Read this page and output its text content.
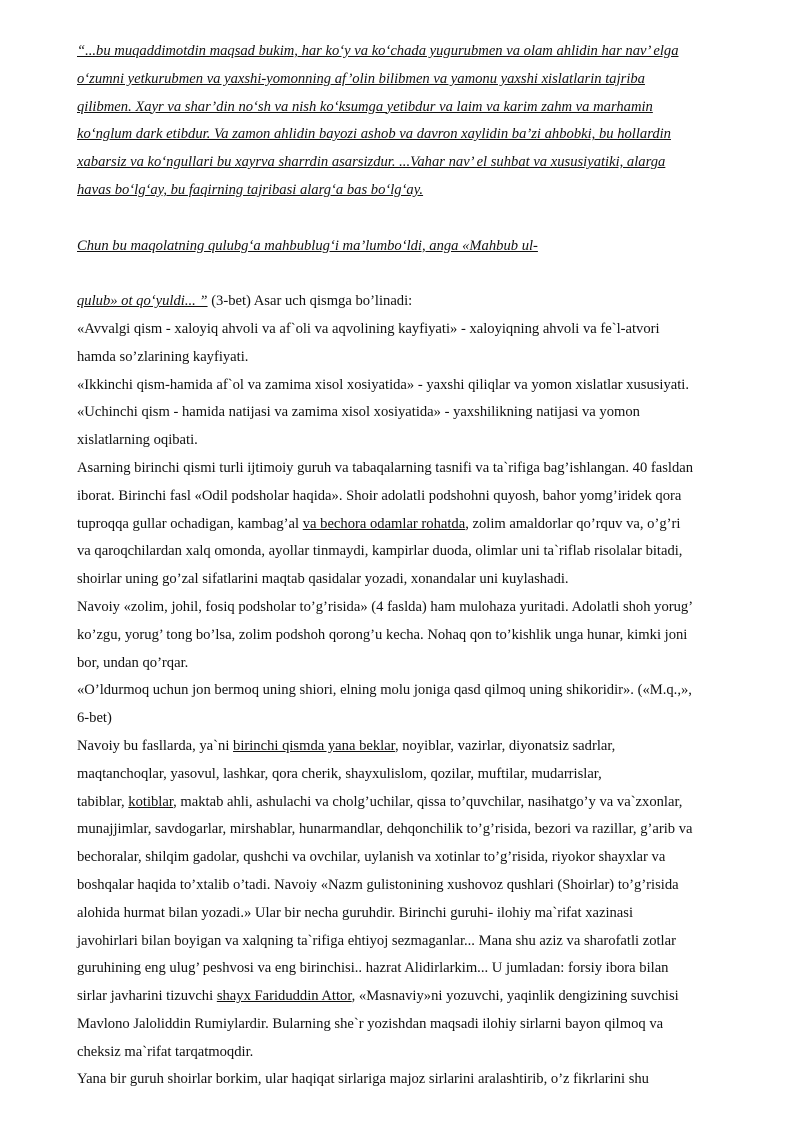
“...bu muqaddimotdin maqsad bukim, har ko‘y va ko‘chada yugurubmen va olam ahlidin har nav’ elga

o‘zumni yetkurubmen va yaxshi-yomonning af’olin bilibmen va yamonu yaxshi xislatlarin tajriba

qilibmen. Xayr va shar’din no‘sh va nish ko‘ksumga yetibdur va laim va karim zahm va marhamin

ko‘nglum dark etibdur. Va zamon ahlidin bayozi ashob va davron xaylidin ba’zi ahbobki, bu hollardin

xabarsiz va ko‘ngullari bu xayrva sharrdin asarsizdur. ...Vahar nav’ el suhbat va xususiyatiki, alarga

havas bo‘lg‘ay, bu faqirning tajribasi alarg‘a bas bo‘lg‘ay.

Chun bu maqolatning qulubg‘a mahbublug‘i ma’lumbo‘ldi, anga «Mahbub ul-

qulub» ot qo‘yuldi... ” (3-bet) Asar uch qismga bo’linadi:

«Avvalgi qism - xaloyiq ahvoli va af`oli va aqvolining kayfiyati» - xaloyiqning ahvoli va fe`l-atvori

hamda so’zlarining kayfiyati.

«Ikkinchi qism-hamida af`ol va zamima xisol xosiyatida» - yaxshi qiliqlar va yomon xislatlar xususiyati.

«Uchinchi qism - hamida natijasi va zamima xisol xosiyatida» - yaxshilikning natijasi va yomon

xislatlarning oqibati.

Asarning birinchi qismi turli ijtimoiy guruh va tabaqalarning tasnifi va ta`rifiga bag’ishlangan. 40 fasldan

iborat. Birinchi fasl «Odil podsholar haqida». Shoir adolatli podshohni quyosh, bahor yomg’iridek qora

tuproqqa gullar ochadigan, kambag’al va bechora odamlar rohatda, zolim amaldorlar qo’rquv va, o’g’ri

va qaroqchilardan xalq omonda, ayollar tinmaydi, kampirlar duoda, olimlar uni ta`riflab risolalar bitadi,

shoirlar uning go’zal sifatlarini maqtab qasidalar yozadi, xonandalar uni kuylashadi.

Navoiy «zolim, johil, fosiq podsholar to’g’risida» (4 faslda) ham mulohaza yuritadi. Adolatli shoh yorug’

ko’zgu, yorug’ tong bo’lsa, zolim podshoh qorong’u kecha. Nohaq qon to’kishlik unga hunar, kimki joni

bor, undan qo’rqar.

«O’ldurmoq uchun jon bermoq uning shiori, elning molu joniga qasd qilmoq uning shikoridir». («M.q.,»,

6-bet)

Navoiy bu fasllarda, ya`ni birinchi qismda yana beklar, noyiblar, vazirlar, diyonatsiz sadrlar,

maqtanchoqlar, yasovul, lashkar, qora cherik, shayxulislom, qozilar, muftilar, mudarrislar,

tabiblar, kotiblar, maktab ahli, ashulachi va cholg’uchilar, qissa to’quvchilar, nasihatgo’y va va`zxonlar,

munajjimlar, savdogarlar, mirshablar, hunarmandlar, dehqonchilik to’g’risida, bezori va razillar, g’arib va

bechoralar, shilqim gadolar, qushchi va ovchilar, uylanish va xotinlar to’g’risida, riyokor shayxlar va

boshqalar haqida to’xtalib o’tadi. Navoiy «Nazm gulistonining xushovoz qushlari (Shoirlar) to’g’risida

alohida hurmat bilan yozadi.» Ular bir necha guruhdir. Birinchi guruhi- ilohiy ma`rifat xazinasi

javohirlari bilan boyigan va xalqning ta`rifiga ehtiyoj sezmaganlar... Mana shu aziz va sharofatli zotlar

guruhining eng ulug’ peshvosi va eng birinchisi.. hazrat Alidirlarkim... U jumladan: forsiy ibora bilan

sirlar javharini tizuvchi shayx Fariduddin Attor, «Masnaviy»ni yozuvchi, yaqinlik dengizining suvchisi

Mavlono Jaloliddin Rumiylardir. Bularning she`r yozishdan maqsadi ilohiy sirlarni bayon qilmoq va

cheksiz ma`rifat tarqatmoqdir.

Yana bir guruh shoirlar borkim, ular haqiqat sirlariga majoz sirlarini aralashtirib, o’z fikrlarini shu
